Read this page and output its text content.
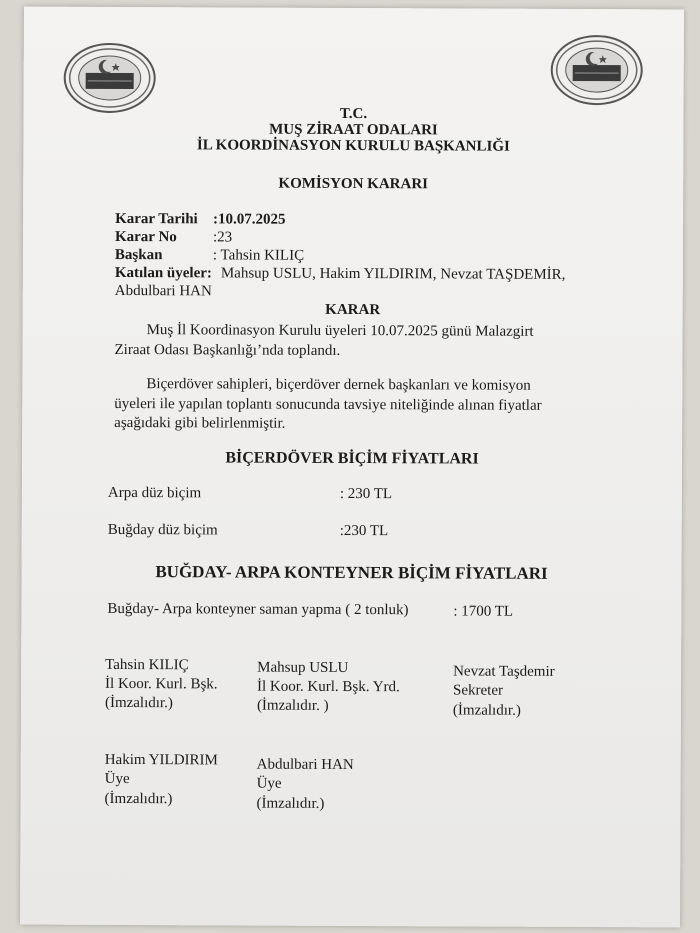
T.C.
MUŞ ZİRAAT ODALARI
İL KOORDİNASYON KURULU BAŞKANLIĞI
KOMİSYON KARARI
Karar Tarihi :10.07.2025
Karar No :23
Başkan	: Tahsin KILIÇ
Katılan üyeler: Mahsup USLU, Hakim YILDIRIM, Nevzat TAŞDEMİR,
Abdulbari HAN
KARAR
Muş İl Koordinasyon Kurulu üyeleri 10.07.2025 günü Malazgirt
Ziraat Odası Başkanlığı’nda toplandı.
Biçerdöver sahipleri, biçerdöver dernek başkanları ve komisyon
üyeleri ile yapılan toplantı sonucunda tavsiye niteliğinde alınan fiyatlar
aşağıdaki gibi belirlenmiştir.
BİÇERDÖVER BİÇİM FİYATLARI
Arpa düz biçim	: 230 TL
Buğday düz biçim	:230 TL
BUĞDAY- ARPA KONTEYNER BİÇİM FİYATLARI
Buğday- Arpa konteyner saman yapma ( 2 tonluk)	: 1700 TL
Tahsin KILIÇ
İl Koor. Kurl. Bşk.
(İmzalıdır.)
Mahsup USLU
İl Koor. Kurl. Bşk. Yrd.
(İmzalıdır. )
Nevzat Taşdemir
Sekreter
(İmzalıdır.)
Hakim YILDIRIM
Üye
(İmzalıdır.)
Abdulbari HAN
Üye
(İmzalıdır.)
